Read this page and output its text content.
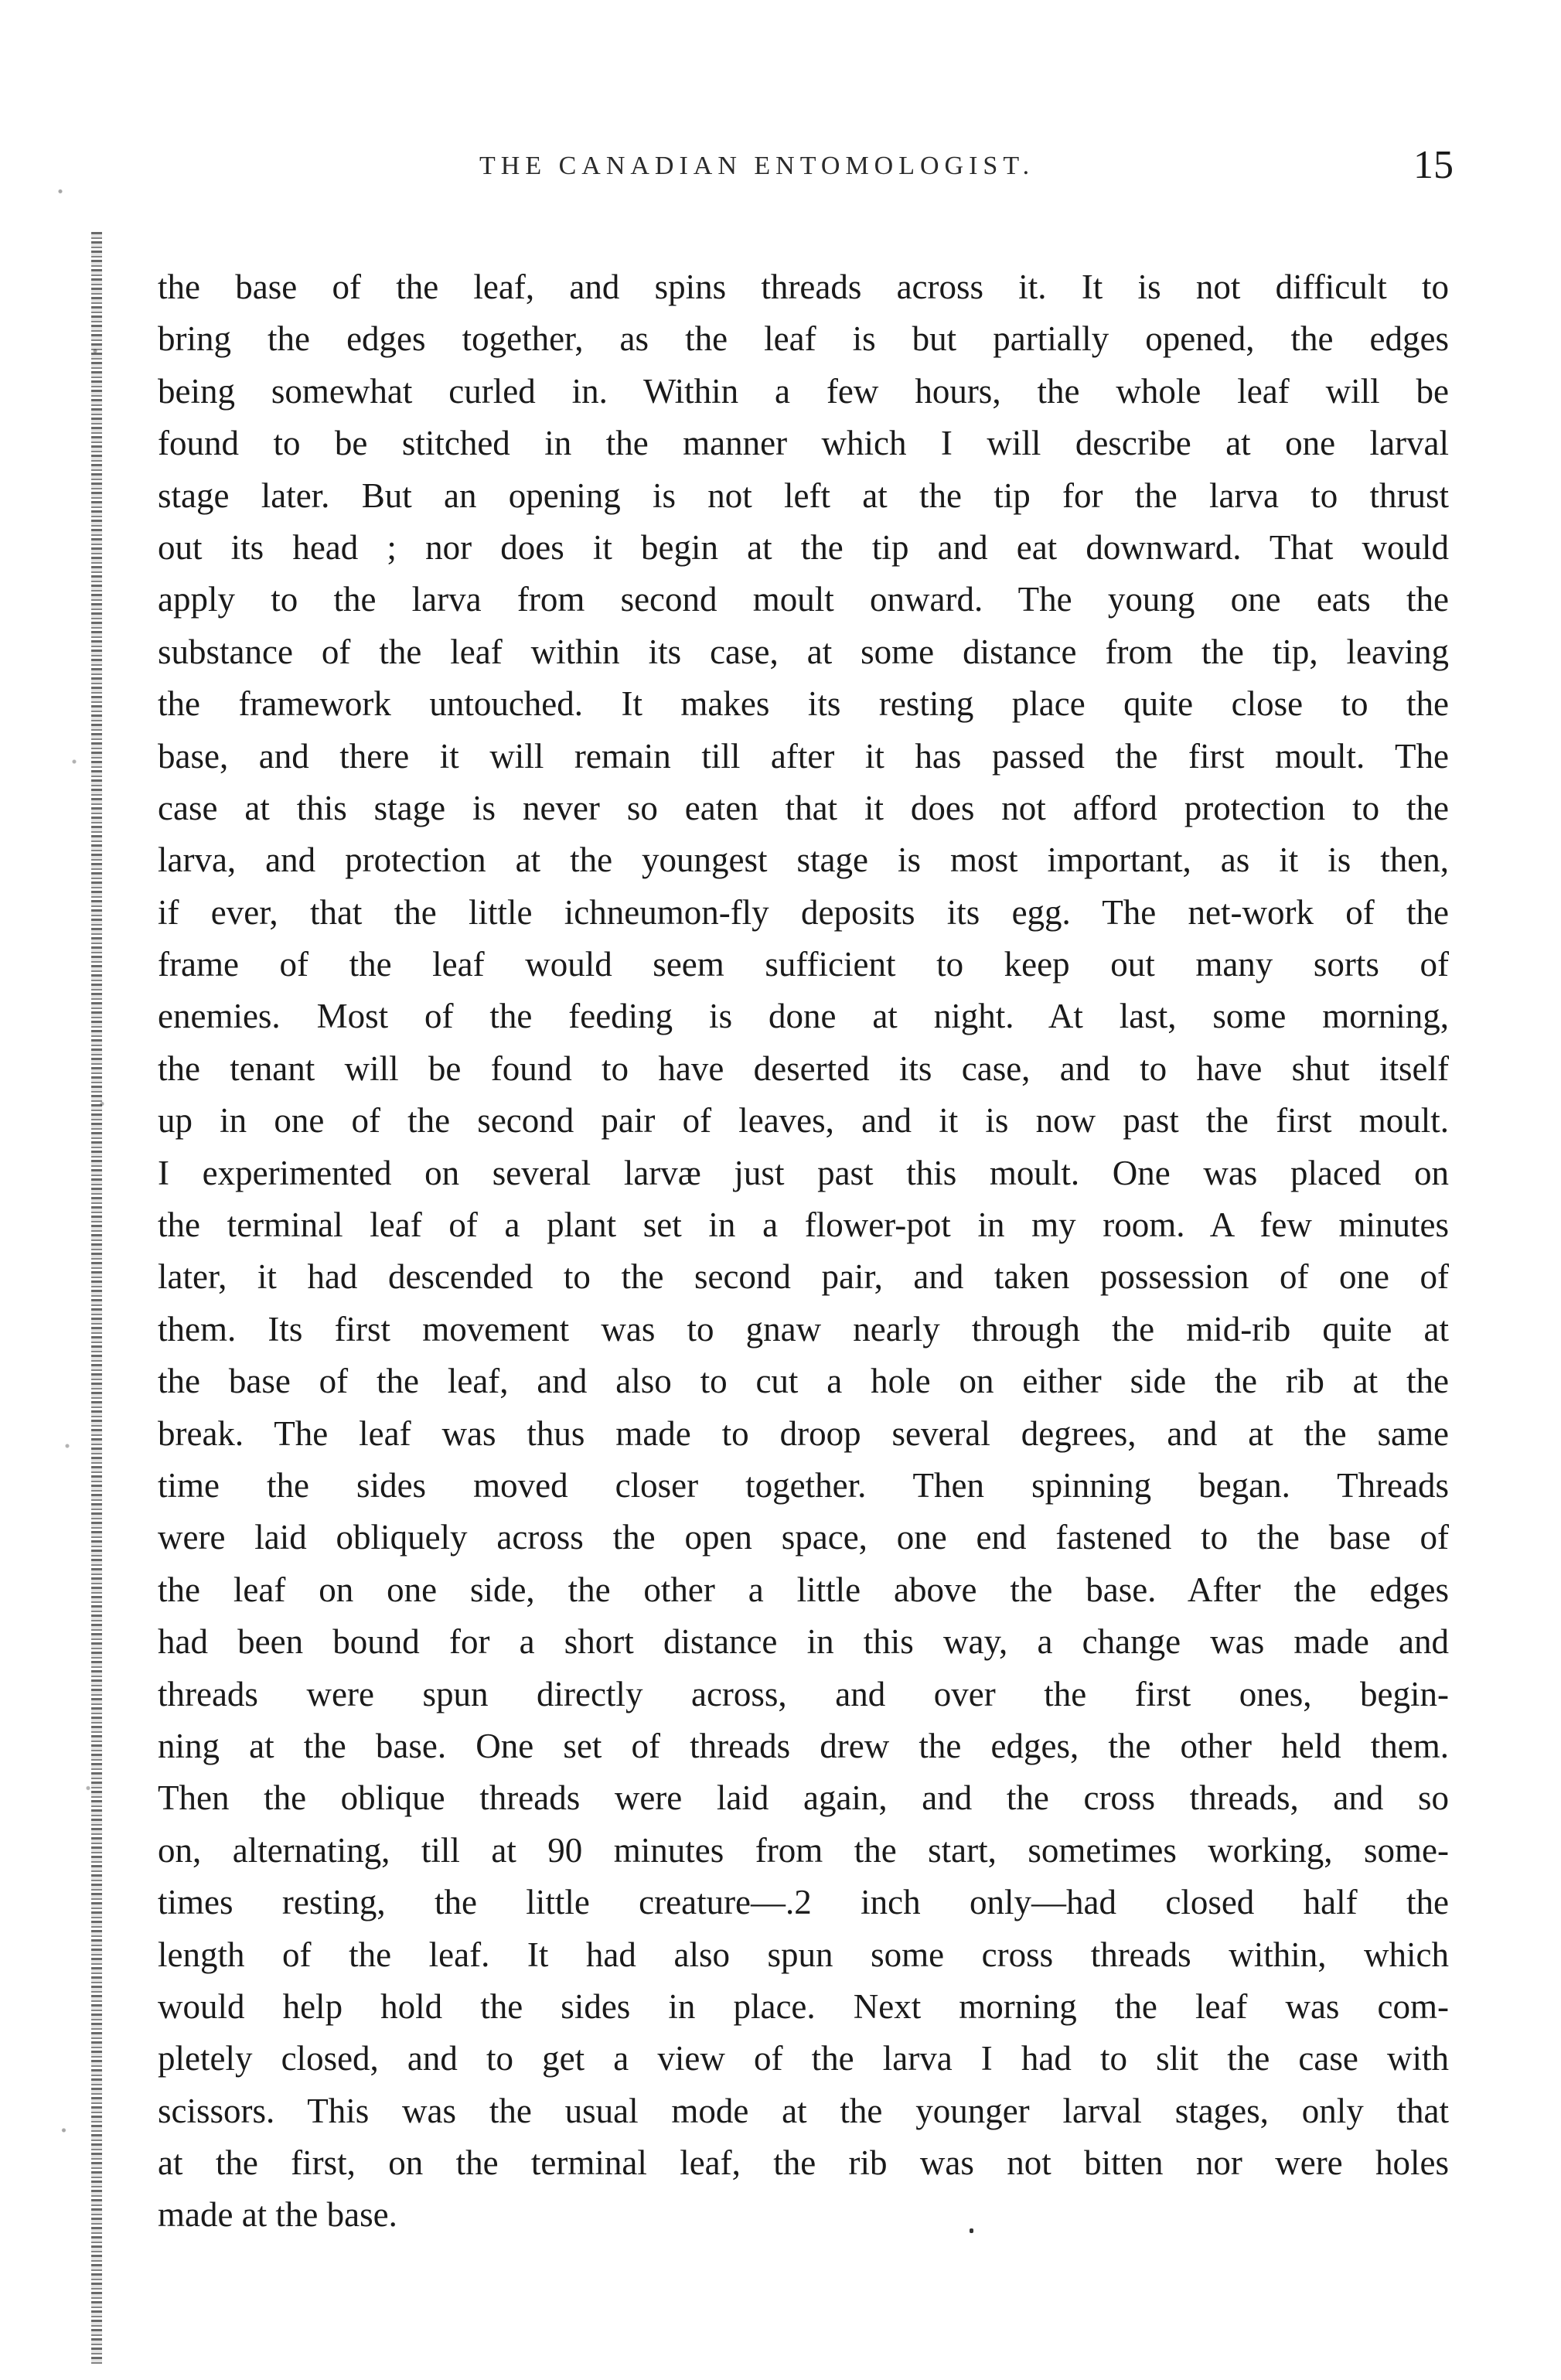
THE CANADIAN ENTOMOLOGIST.	15
the base of the leaf, and spins threads across it. It is not difficult to
bring the edges together, as the leaf is but partially opened, the edges
being somewhat curled in. Within a few hours, the whole leaf will be
found to be stitched in the manner which I will describe at one larval
stage later. But an opening is not left at the tip for the larva to thrust
out its head ; nor does it begin at the tip and eat downward. That would
apply to the larva from second moult onward. The young one eats the
substance of the leaf within its case, at some distance from the tip, leaving
the framework untouched. It makes its resting place quite close to the
base, and there it will remain till after it has passed the first moult. The
case at this stage is never so eaten that it does not afford protection to the
larva, and protection at the youngest stage is most important, as it is then,
if ever, that the little ichneumon-fly deposits its egg. The net-work of the
frame of the leaf would seem sufficient to keep out many sorts of
enemies. Most of the feeding is done at night. At last, some morning,
the tenant will be found to have deserted its case, and to have shut itself
up in one of the second pair of leaves, and it is now past the first moult.
I experimented on several larvæ just past this moult. One was placed on
the terminal leaf of a plant set in a flower-pot in my room. A few minutes
later, it had descended to the second pair, and taken possession of one of
them. Its first movement was to gnaw nearly through the mid-rib quite at
the base of the leaf, and also to cut a hole on either side the rib at the
break. The leaf was thus made to droop several degrees, and at the same
time the sides moved closer together. Then spinning began. Threads
were laid obliquely across the open space, one end fastened to the base of
the leaf on one side, the other a little above the base. After the edges
had been bound for a short distance in this way, a change was made and
threads were spun directly across, and over the first ones, begin-
ning at the base. One set of threads drew the edges, the other held them.
Then the oblique threads were laid again, and the cross threads, and so
on, alternating, till at 90 minutes from the start, sometimes working, some-
times resting, the little creature—.2 inch only—had closed half the
length of the leaf. It had also spun some cross threads within, which
would help hold the sides in place. Next morning the leaf was com-
pletely closed, and to get a view of the larva I had to slit the case with
scissors. This was the usual mode at the younger larval stages, only that
at the first, on the terminal leaf, the rib was not bitten nor were holes
made at the base.
